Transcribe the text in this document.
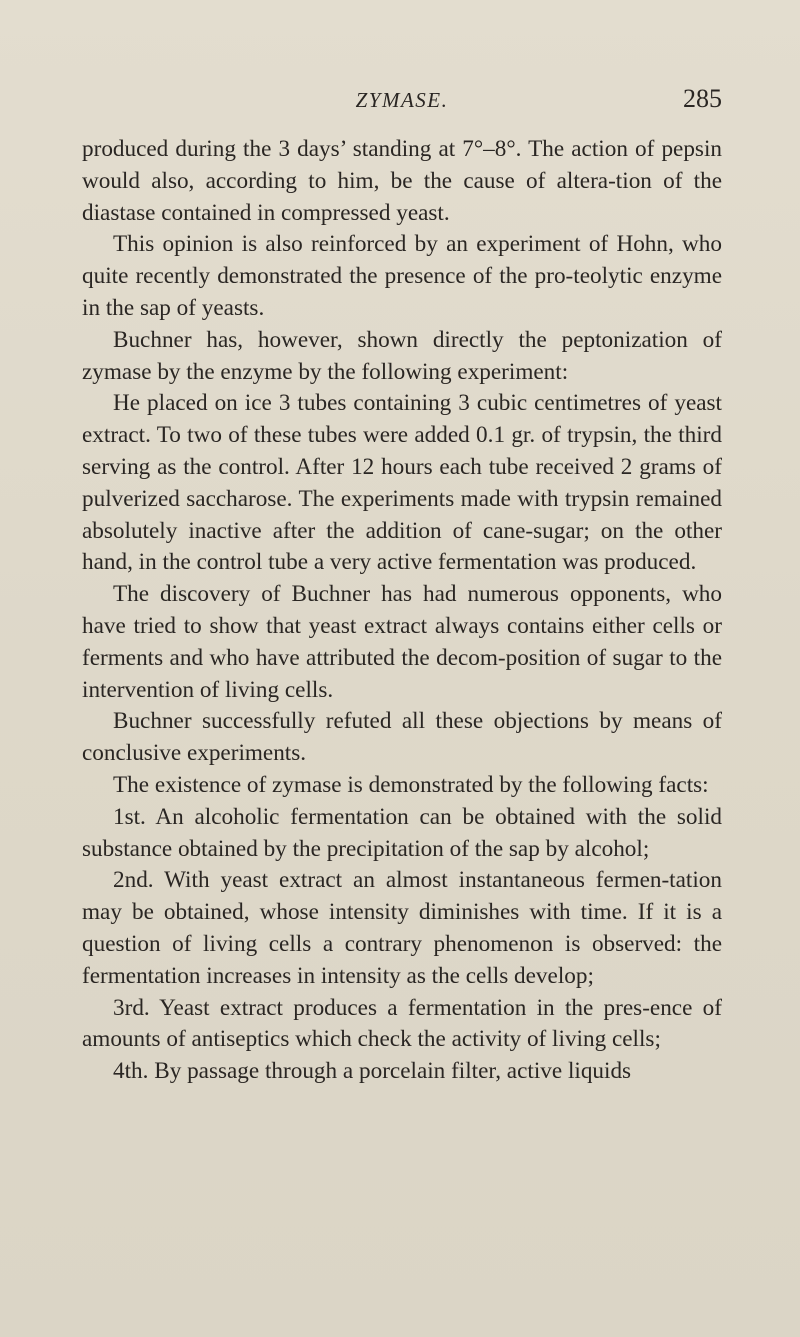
ZYMASE.	285

produced during the 3 days’ standing at 7°–8°. The action of pepsin would also, according to him, be the cause of altera-tion of the diastase contained in compressed yeast.

This opinion is also reinforced by an experiment of Hohn, who quite recently demonstrated the presence of the pro-teolytic enzyme in the sap of yeasts.

Buchner has, however, shown directly the peptonization of zymase by the enzyme by the following experiment:

He placed on ice 3 tubes containing 3 cubic centimetres of yeast extract. To two of these tubes were added 0.1 gr. of trypsin, the third serving as the control. After 12 hours each tube received 2 grams of pulverized saccharose. The experiments made with trypsin remained absolutely inactive after the addition of cane-sugar; on the other hand, in the control tube a very active fermentation was produced.

The discovery of Buchner has had numerous opponents, who have tried to show that yeast extract always contains either cells or ferments and who have attributed the decom-position of sugar to the intervention of living cells.

Buchner successfully refuted all these objections by means of conclusive experiments.

The existence of zymase is demonstrated by the following facts:

1st. An alcoholic fermentation can be obtained with the solid substance obtained by the precipitation of the sap by alcohol;

2nd. With yeast extract an almost instantaneous fermen-tation may be obtained, whose intensity diminishes with time. If it is a question of living cells a contrary phenomenon is observed: the fermentation increases in intensity as the cells develop;

3rd. Yeast extract produces a fermentation in the pres-ence of amounts of antiseptics which check the activity of living cells;

4th. By passage through a porcelain filter, active liquids
